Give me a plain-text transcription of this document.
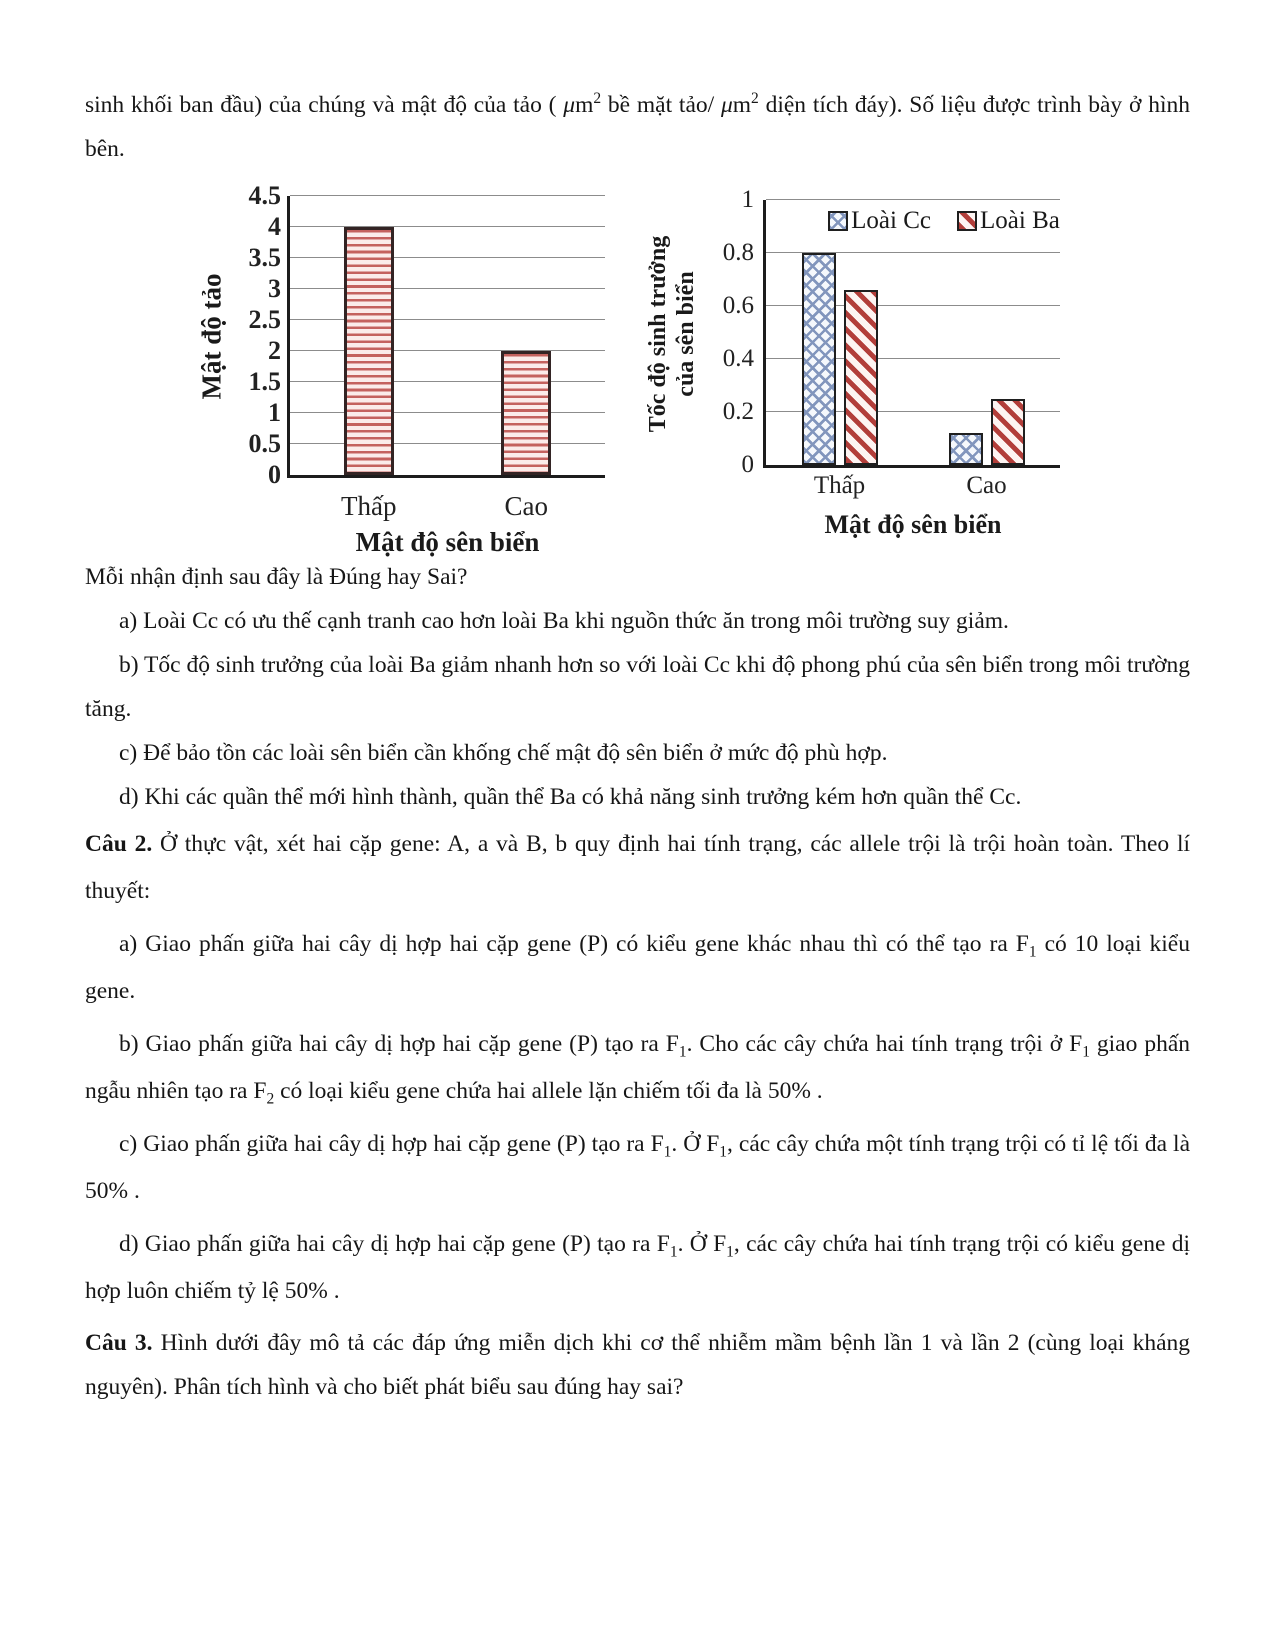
sinh khối ban đầu) của chúng và mật độ của tảo ( $\mu m^2$ bề mặt tảo/ $\mu m^2$ diện tích đáy). Số liệu được trình bày ở hình bên.

Mật độ tảo
Mật độ sên biển
0
0.5
1
1.5
2
2.5
3
3.5
4
4.5
Thấp	Cao
Tốc độ sinh trưởng của sên biển
Loài Cc Loài Ba
Mật độ sên biển
0
0.2
0.4
0.6
0.8
1
Thấp	Cao

Mỗi nhận định sau đây là Đúng hay Sai?

a) Loài Cc có ưu thế cạnh tranh cao hơn loài Ba khi nguồn thức ăn trong môi trường suy giảm.

b) Tốc độ sinh trưởng của loài Ba giảm nhanh hơn so với loài Cc khi độ phong phú của sên biển trong môi trường tăng.

c) Để bảo tồn các loài sên biển cần khống chế mật độ sên biển ở mức độ phù hợp.

d) Khi các quần thể mới hình thành, quần thể Ba có khả năng sinh trưởng kém hơn quần thể Cc.

Câu 2. Ở thực vật, xét hai cặp gene: A, a và B, b quy định hai tính trạng, các allele trội là trội hoàn toàn. Theo lí thuyết:

a) Giao phấn giữa hai cây dị hợp hai cặp gene (P) có kiểu gene khác nhau thì có thể tạo ra $F_1$ có 10 loại kiểu gene.

b) Giao phấn giữa hai cây dị hợp hai cặp gene (P) tạo ra $F_1$. Cho các cây chứa hai tính trạng trội ở $F_1$ giao phấn ngẫu nhiên tạo ra $F_2$ có loại kiểu gene chứa hai allele lặn chiếm tối đa là 50% .

c) Giao phấn giữa hai cây dị hợp hai cặp gene (P) tạo ra $F_1$. Ở $F_1$, các cây chứa một tính trạng trội có tỉ lệ tối đa là 50% .

d) Giao phấn giữa hai cây dị hợp hai cặp gene (P) tạo ra $F_1$. Ở $F_1$, các cây chứa hai tính trạng trội có kiểu gene dị hợp luôn chiếm tỷ lệ 50% .

Câu 3. Hình dưới đây mô tả các đáp ứng miễn dịch khi cơ thể nhiễm mầm bệnh lần 1 và lần 2 (cùng loại kháng nguyên). Phân tích hình và cho biết phát biểu sau đúng hay sai?
